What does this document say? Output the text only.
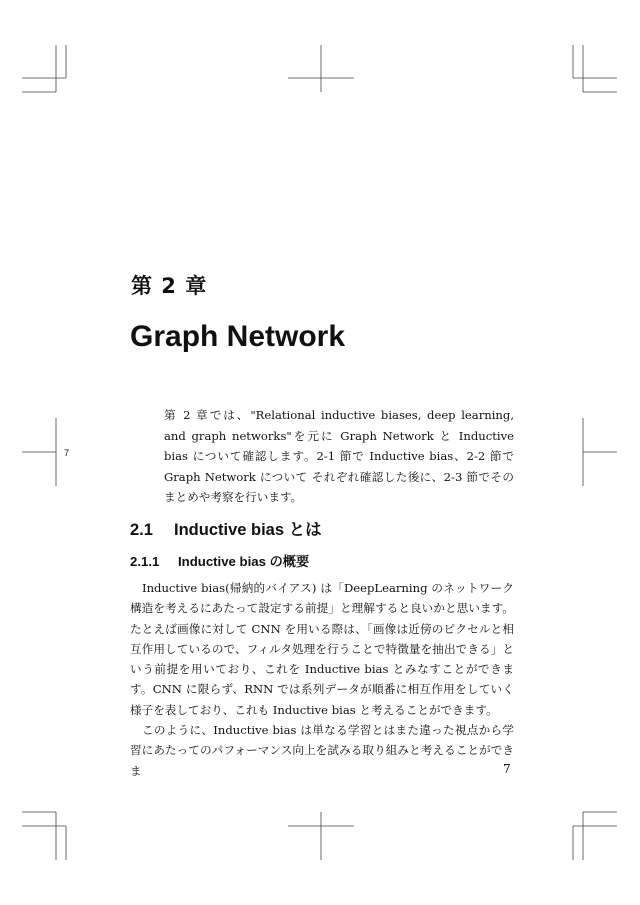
7
第 2 章
Graph Network

第 2 章では、"Relational inductive biases, deep learning, and graph networks"を元に Graph Network と Inductive bias について確認します。2-1 節で Inductive bias、2-2 節で Graph Network について それぞれ確認した後に、2-3 節でそのまとめや考察を行います。

2.1 Inductive bias とは
2.1.1 Inductive bias の概要

Inductive bias(帰納的バイアス) は「DeepLearning のネットワーク構造を考えるにあたって設定する前提」と理解すると良いかと思います。たとえば画像に対して CNN を用いる際は、「画像は近傍のピクセルと相互作用しているので、フィルタ処理を行うことで特徴量を抽出できる」という前提を用いており、これを Inductive bias とみなすことができます。CNN に限らず、RNN では系列データが順番に相互作用をしていく様子を表しており、これも Inductive bias と考えることができます。

このように、Inductive bias は単なる学習とはまた違った視点から学習にあたってのパフォーマンス向上を試みる取り組みと考えることができま	7
